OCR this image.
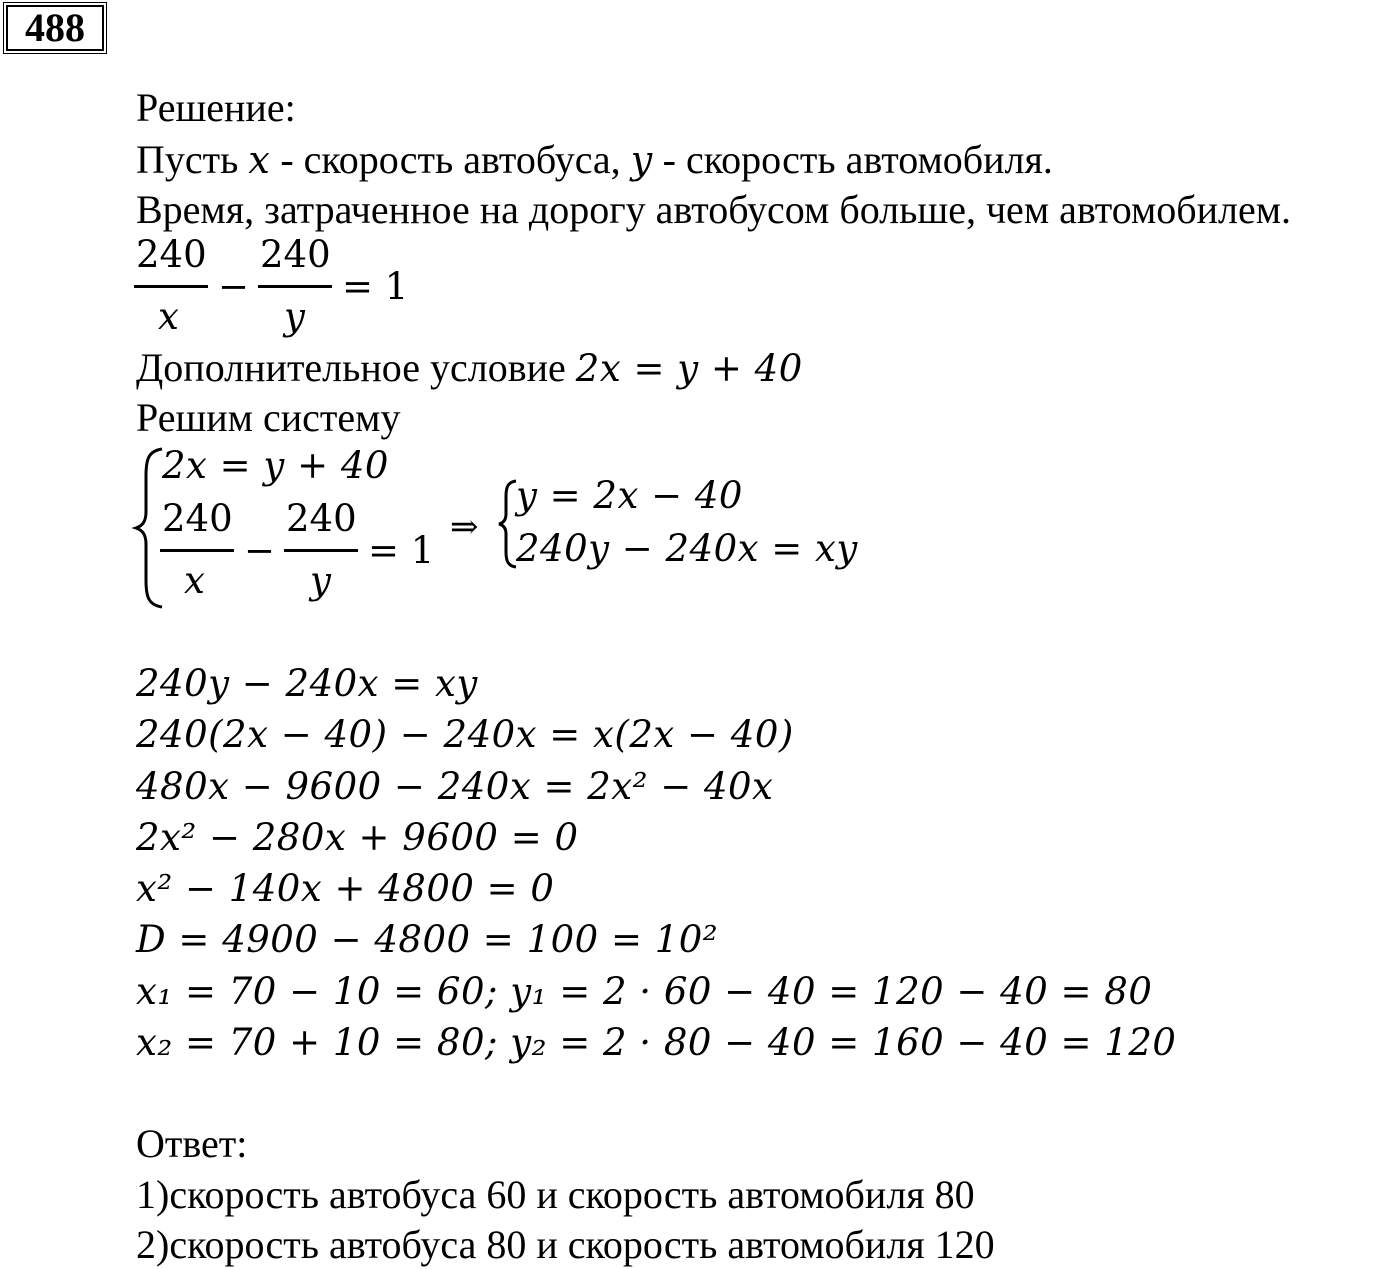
488
Решение:
Пусть x - скорость автобуса, y - скорость автомобиля.
Время, затраченное на дорогу автобусом больше, чем автомобилем.
240
x
−
240
y
= 1
Дополнительное условие 2x = y + 40
Решим систему
2x = y + 40
240
x
−
240
y
= 1
⇒
y = 2x − 40
240y − 240x = xy
240y − 240x = xy
240(2x − 40) − 240x = x(2x − 40)
480x − 9600 − 240x = 2x² − 40x
2x² − 280x + 9600 = 0
x² − 140x + 4800 = 0
D = 4900 − 4800 = 100 = 10²
x₁ = 70 − 10 = 60; y₁ = 2 · 60 − 40 = 120 − 40 = 80
x₂ = 70 + 10 = 80; y₂ = 2 · 80 − 40 = 160 − 40 = 120
Ответ:
1)скорость автобуса 60 и скорость автомобиля 80
2)скорость автобуса 80 и скорость автомобиля 120
